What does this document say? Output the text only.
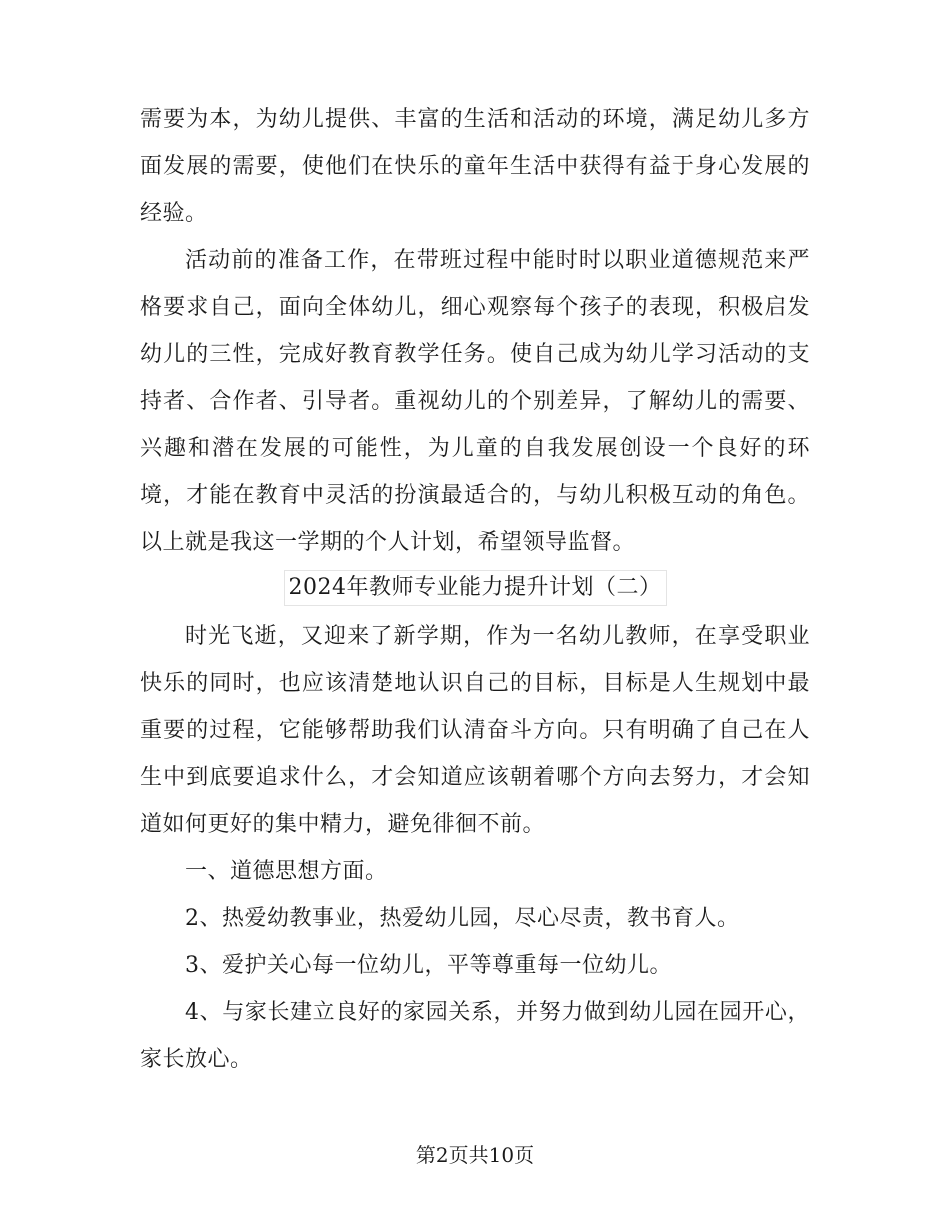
需要为本，为幼儿提供、丰富的生活和活动的环境，满足幼儿多方面发展的需要，使他们在快乐的童年生活中获得有益于身心发展的经验。

活动前的准备工作，在带班过程中能时时以职业道德规范来严格要求自己，面向全体幼儿，细心观察每个孩子的表现，积极启发幼儿的三性，完成好教育教学任务。使自己成为幼儿学习活动的支持者、合作者、引导者。重视幼儿的个别差异，了解幼儿的需要、兴趣和潜在发展的可能性，为儿童的自我发展创设一个良好的环境，才能在教育中灵活的扮演最适合的，与幼儿积极互动的角色。以上就是我这一学期的个人计划，希望领导监督。

2024年教师专业能力提升计划（二）

时光飞逝，又迎来了新学期，作为一名幼儿教师，在享受职业快乐的同时，也应该清楚地认识自己的目标，目标是人生规划中最重要的过程，它能够帮助我们认清奋斗方向。只有明确了自己在人生中到底要追求什么，才会知道应该朝着哪个方向去努力，才会知道如何更好的集中精力，避免徘徊不前。

一、道德思想方面。

2、热爱幼教事业，热爱幼儿园，尽心尽责，教书育人。

3、爱护关心每一位幼儿，平等尊重每一位幼儿。

4、与家长建立良好的家园关系，并努力做到幼儿园在园开心，家长放心。

第2页共10页
